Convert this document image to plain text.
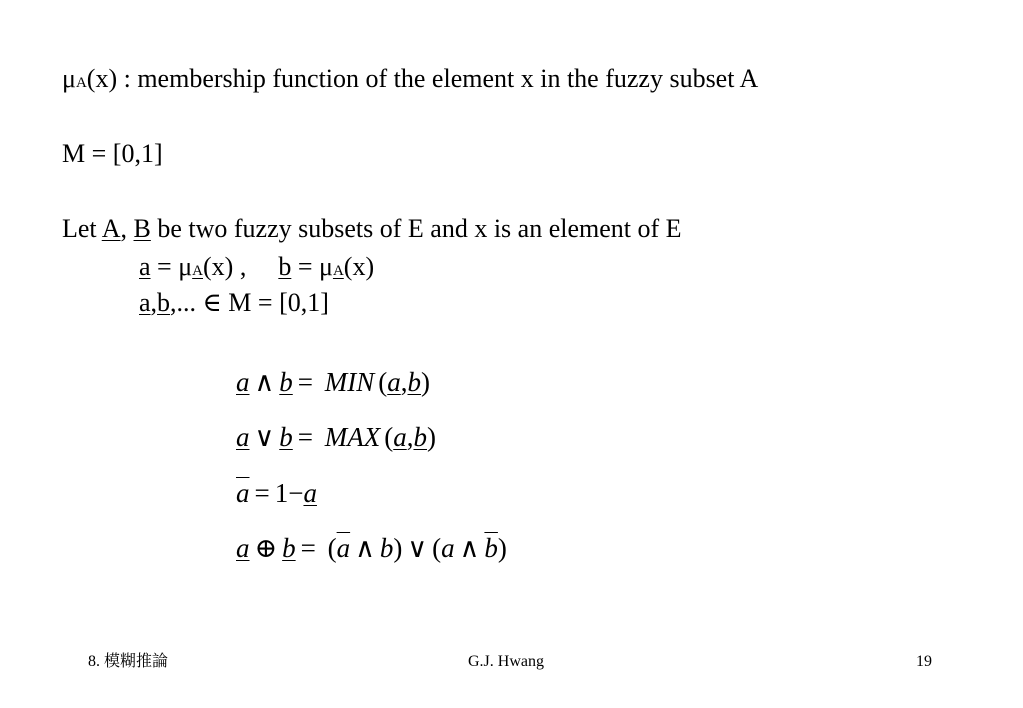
μA(x) : membership function of the element x in the fuzzy subset A
M = [0,1]
Let A, B be two fuzzy subsets of E and x is an element of E
a = μA(x) , b = μA(x)
a,b,... ∈ M = [0,1]
a ∧ b = MIN (a,b)
a ∨ b = MAX (a,b)
$\overline{a} = 1-a$
a ⊕ $b = (\overline{a}$ ∧ b) ∨ (a ∧ $\overline{b}$)
8. 模糊推論	G.J. Hwang	19
